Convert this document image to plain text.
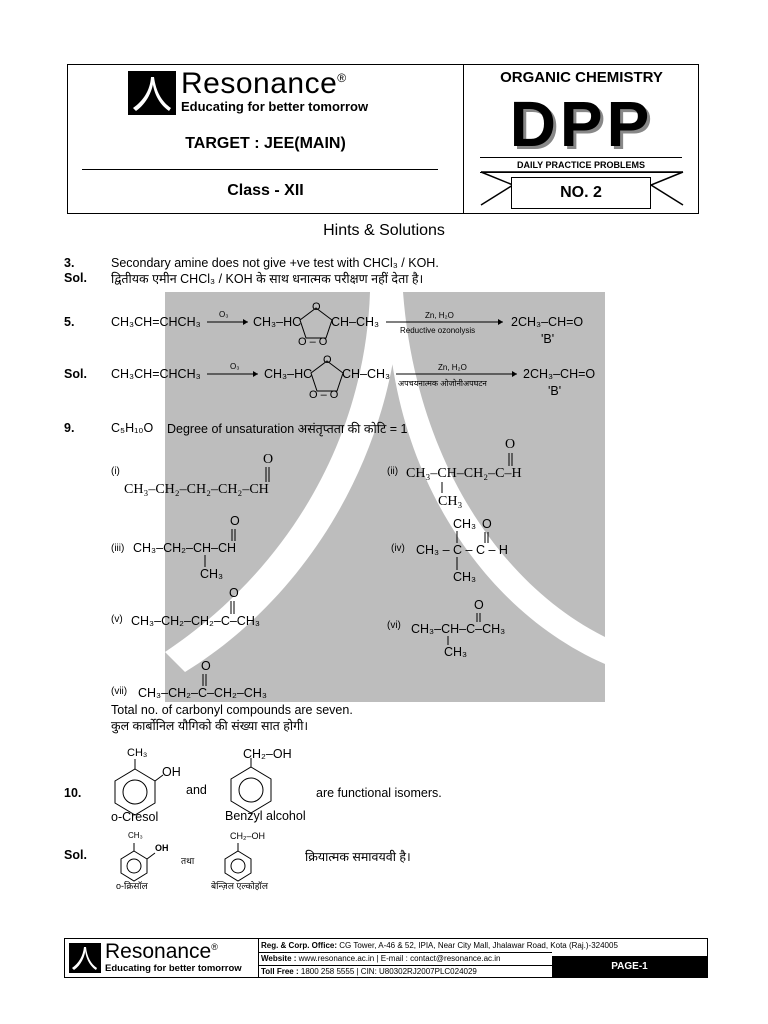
Resonance®
Educating for better tomorrow
TARGET : JEE(MAIN)
Class - XII
ORGANIC CHEMISTRY
DPP
DAILY PRACTICE PROBLEMS
NO. 2
Hints & Solutions
3.	Secondary amine does not give +ve test with CHCl₃ / KOH.
Sol. द्वितीयक एमीन CHCl₃ / KOH के साथ धनात्मक परीक्षण नहीं देता है।
5.	CH₃CH=CHCH₃
O₃
O
CH₃–HC CH–CH₃
O – O
Zn, H₂O
Reductive ozonolysis
2CH₃–CH=O
'B'
Sol. CH₃CH=CHCH₃
O₃
O
CH₃–HC CH–CH₃
O – O
Zn, H₂O
अपचयनात्मक ओजोनीअपघटन
2CH₃–CH=O
'B'
9.	C₅H₁₀O Degree of unsaturation असंतृप्तता की कोटि = 1
(i)
O
CH₃–CH₂–CH₂–CH₂–CH
(ii)
O
CH₃–CH–CH₂–C–H
CH₃
(iii)
O
CH₃–CH₂–CH–CH
CH₃
(iv)
CH₃ O
CH₃ – C – C – H
CH₃
(v)
O
CH₃–CH₂–CH₂–C–CH₃	(vi)
O
CH₃–CH–C–CH₃
CH₃
(vii)
O
CH₃–CH₂–C–CH₂–CH₃
Total no. of carbonyl compounds are seven.
कुल कार्बोनिल यौगिको की संख्या सात होगी।
CH₃
OH
CH₂–OH
10.	and	are functional isomers.
o-Cresol	Benzyl alcohol
CH₃
OH
CH₂–OH
Sol.	तथा	क्रियात्मक समावयवी है।
o-क्रिसॉल	बेन्ज़िल एल्कोहॉल
Resonance®
Educating for better tomorrow
Reg. & Corp. Office: CG Tower, A-46 & 52, IPIA, Near City Mall, Jhalawar Road, Kota (Raj.)-324005
Website : www.resonance.ac.in | E-mail : contact@resonance.ac.in
Toll Free : 1800 258 5555 | CIN: U80302RJ2007PLC024029	PAGE-1
